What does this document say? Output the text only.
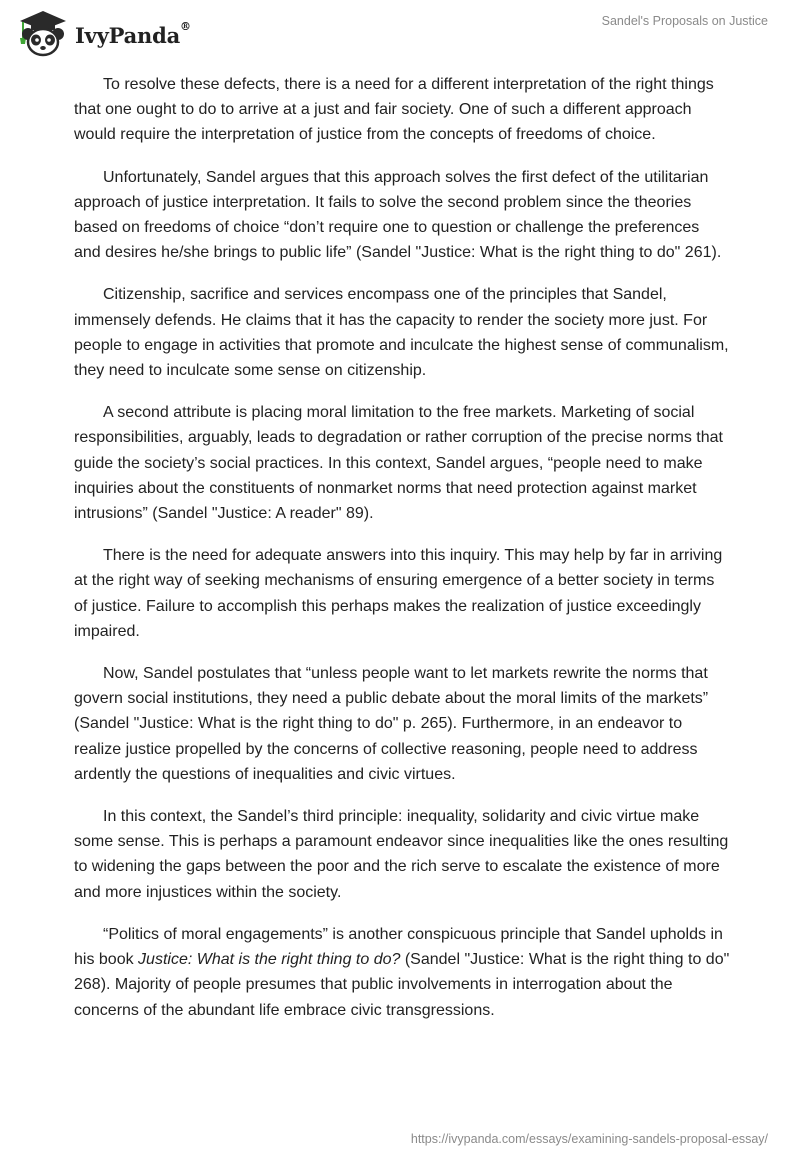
IvyPanda®	Sandel's Proposals on Justice

To resolve these defects, there is a need for a different interpretation of the right things that one ought to do to arrive at a just and fair society. One of such a different approach would require the interpretation of justice from the concepts of freedoms of choice.

Unfortunately, Sandel argues that this approach solves the first defect of the utilitarian approach of justice interpretation. It fails to solve the second problem since the theories based on freedoms of choice “don’t require one to question or challenge the preferences and desires he/she brings to public life” (Sandel "Justice: What is the right thing to do" 261).

Citizenship, sacrifice and services encompass one of the principles that Sandel, immensely defends. He claims that it has the capacity to render the society more just. For people to engage in activities that promote and inculcate the highest sense of communalism, they need to inculcate some sense on citizenship.

A second attribute is placing moral limitation to the free markets. Marketing of social responsibilities, arguably, leads to degradation or rather corruption of the precise norms that guide the society’s social practices. In this context, Sandel argues, “people need to make inquiries about the constituents of nonmarket norms that need protection against market intrusions” (Sandel "Justice: A reader" 89).

There is the need for adequate answers into this inquiry. This may help by far in arriving at the right way of seeking mechanisms of ensuring emergence of a better society in terms of justice. Failure to accomplish this perhaps makes the realization of justice exceedingly impaired.

Now, Sandel postulates that “unless people want to let markets rewrite the norms that govern social institutions, they need a public debate about the moral limits of the markets” (Sandel "Justice: What is the right thing to do" p. 265). Furthermore, in an endeavor to realize justice propelled by the concerns of collective reasoning, people need to address ardently the questions of inequalities and civic virtues.

In this context, the Sandel’s third principle: inequality, solidarity and civic virtue make some sense. This is perhaps a paramount endeavor since inequalities like the ones resulting to widening the gaps between the poor and the rich serve to escalate the existence of more and more injustices within the society.

“Politics of moral engagements” is another conspicuous principle that Sandel upholds in his book Justice: What is the right thing to do? (Sandel "Justice: What is the right thing to do" 268). Majority of people presumes that public involvements in interrogation about the concerns of the abundant life embrace civic transgressions.

https://ivypanda.com/essays/examining-sandels-proposal-essay/
